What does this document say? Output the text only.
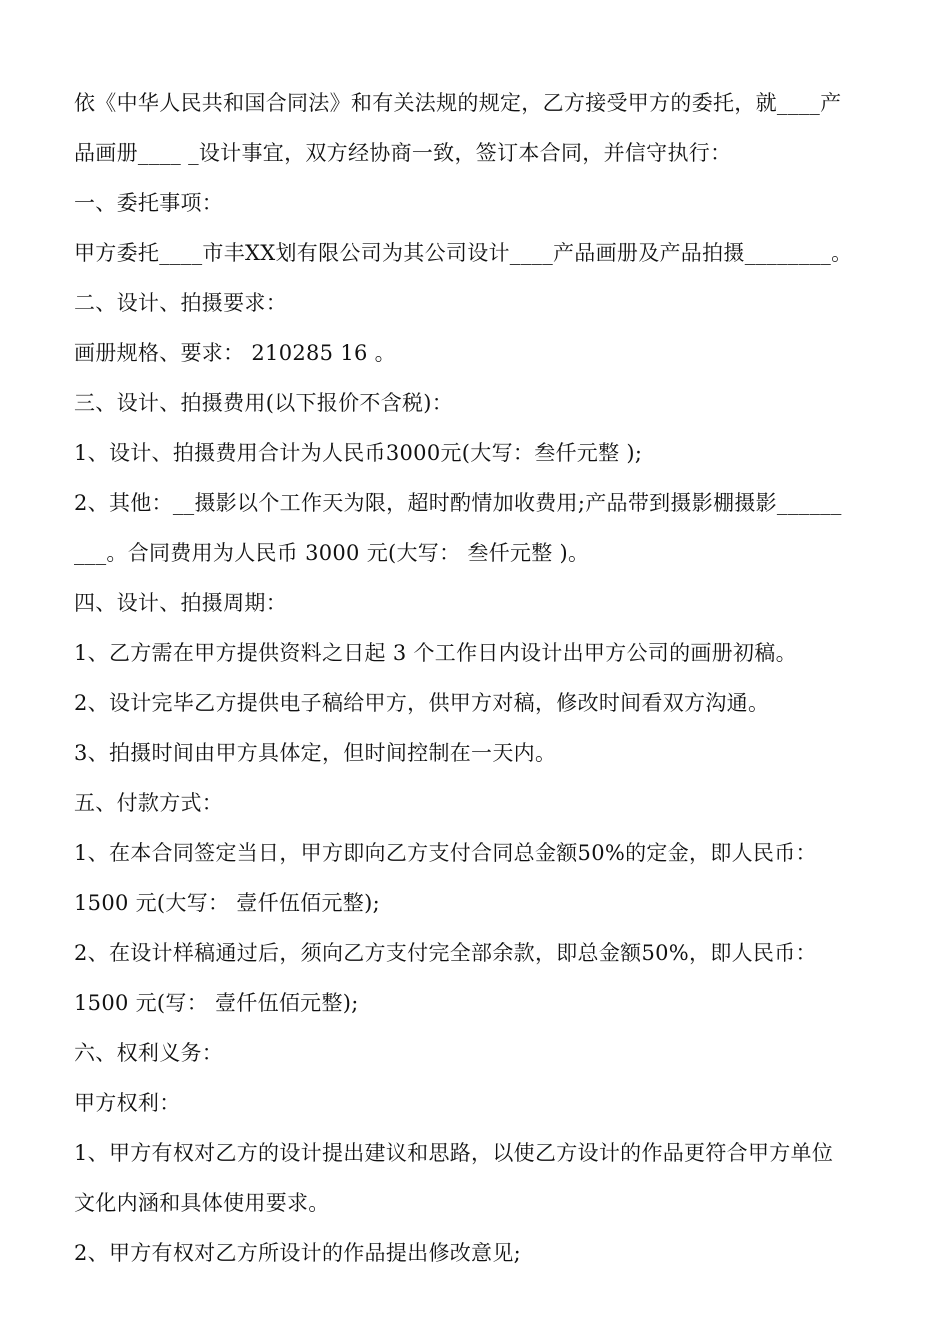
依《中华人民共和国合同法》和有关法规的规定，乙方接受甲方的委托，就____产
品画册____ _设计事宜，双方经协商一致，签订本合同，并信守执行：
一、委托事项：
甲方委托____市丰XX划有限公司为其公司设计____产品画册及产品拍摄________。
二、设计、拍摄要求：
画册规格、要求： 210285 16 。
三、设计、拍摄费用(以下报价不含税)：
1、设计、拍摄费用合计为人民币3000元(大写：叁仟元整 );
2、其他：__摄影以个工作天为限，超时酌情加收费用;产品带到摄影棚摄影______
___。合同费用为人民币 3000 元(大写： 叁仟元整 )。
四、设计、拍摄周期：
1、乙方需在甲方提供资料之日起 3 个工作日内设计出甲方公司的画册初稿。
2、设计完毕乙方提供电子稿给甲方，供甲方对稿，修改时间看双方沟通。
3、拍摄时间由甲方具体定，但时间控制在一天内。
五、付款方式：
1、在本合同签定当日，甲方即向乙方支付合同总金额50%的定金，即人民币：
1500 元(大写： 壹仟伍佰元整);
2、在设计样稿通过后，须向乙方支付完全部余款，即总金额50%，即人民币：
1500 元(写： 壹仟伍佰元整);
六、权利义务：
甲方权利：
1、甲方有权对乙方的设计提出建议和思路，以使乙方设计的作品更符合甲方单位
文化内涵和具体使用要求。
2、甲方有权对乙方所设计的作品提出修改意见;
